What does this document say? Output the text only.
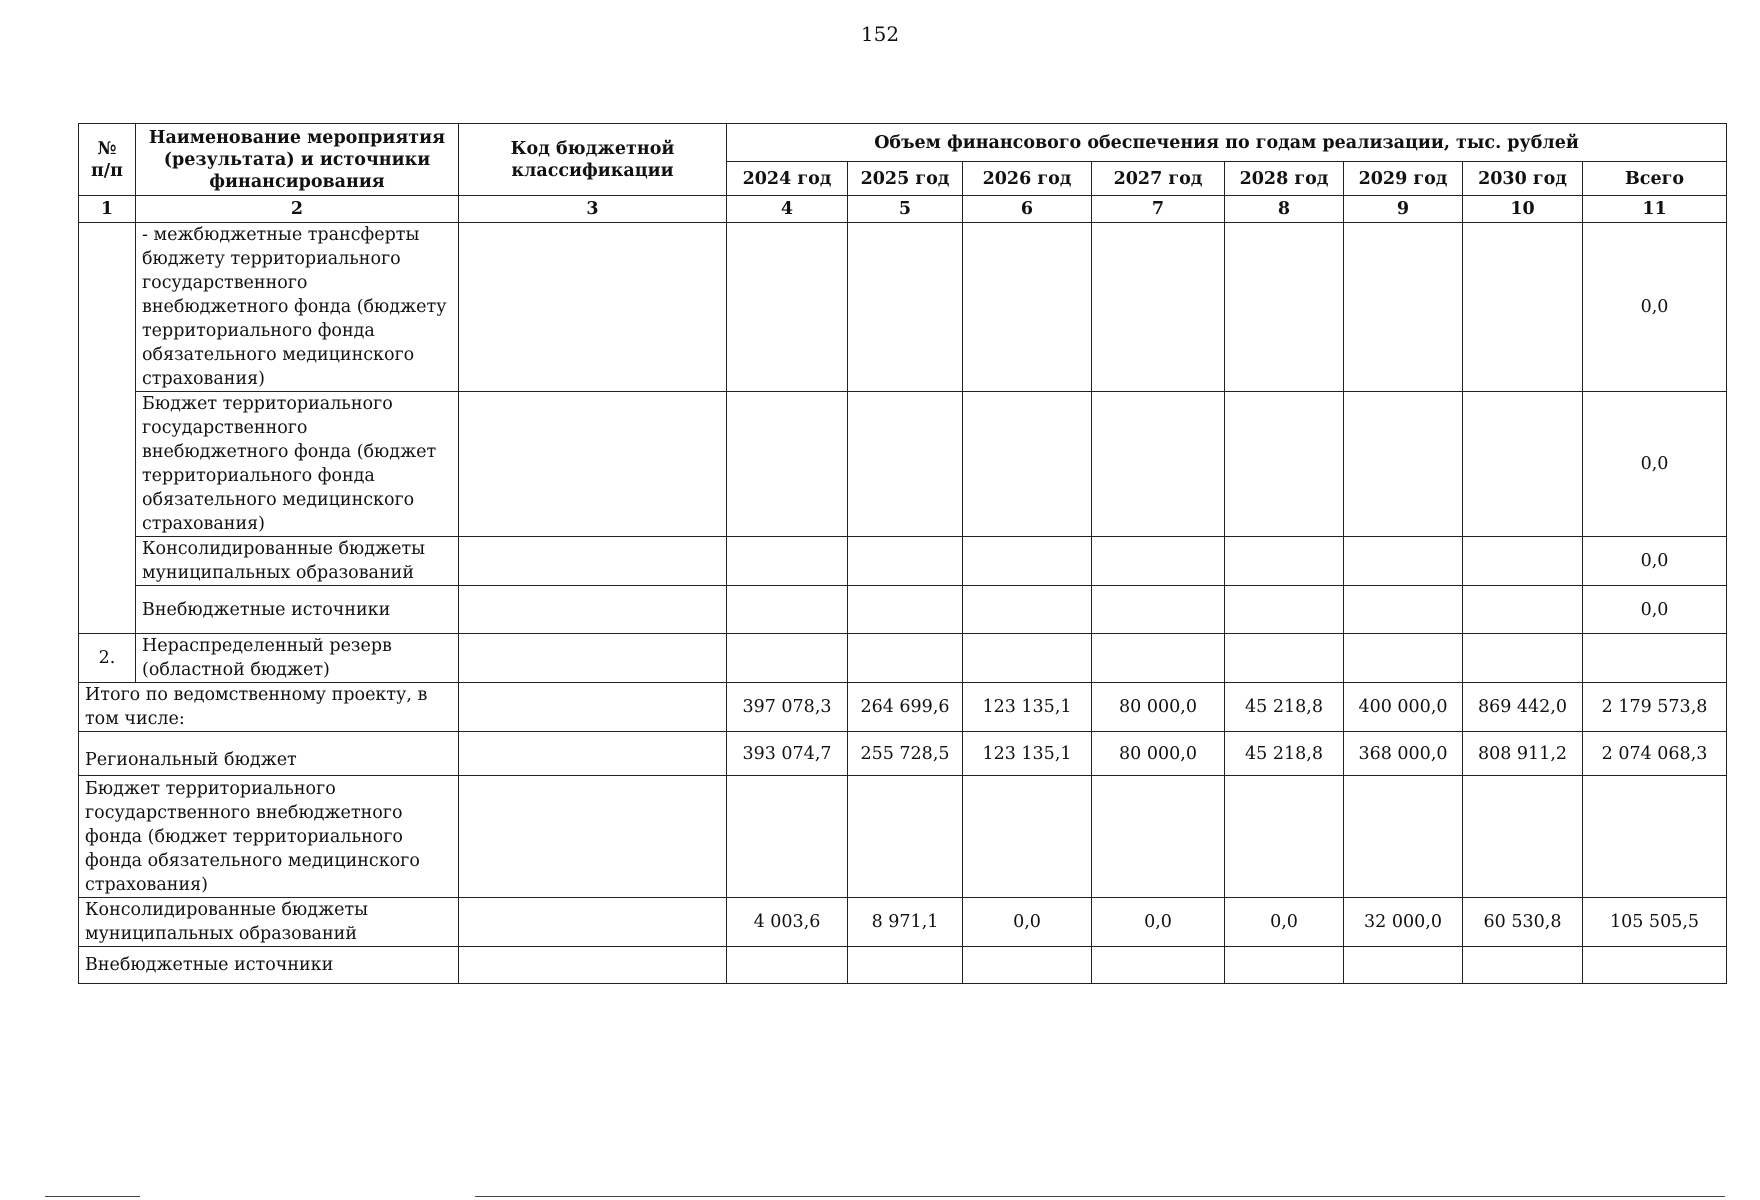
152
№ п/п	Наименование мероприятия (результата) и источники финансирования	Код бюджетной классификации	Объем финансового обеспечения по годам реализации, тыс. рублей							
			2024 год	2025 год	2026 год	2027 год	2028 год	2029 год	2030 год	Всего
1	2	3	4	5	6	7	8	9	10	11
	- межбюджетные трансферты бюджету территориального государственного внебюджетного фонда (бюджету территориального фонда обязательного медицинского страхования)									0,0
	Бюджет территориального государственного внебюджетного фонда (бюджет территориального фонда обязательного медицинского страхования)									0,0
	Консолидированные бюджеты муниципальных образований									0,0
	Внебюджетные источники									0,0
2.	Нераспределенный резерв (областной бюджет)									
Итого по ведомственному проекту, в том числе:			397 078,3	264 699,6	123 135,1	80 000,0	45 218,8	400 000,0	869 442,0	2 179 573,8
Региональный бюджет			393 074,7	255 728,5	123 135,1	80 000,0	45 218,8	368 000,0	808 911,2	2 074 068,3
Бюджет территориального государственного внебюджетного фонда (бюджет территориального фонда обязательного медицинского страхования)										
Консолидированные бюджеты муниципальных образований			4 003,6	8 971,1	0,0	0,0	0,0	32 000,0	60 530,8	105 505,5
Внебюджетные источники										
